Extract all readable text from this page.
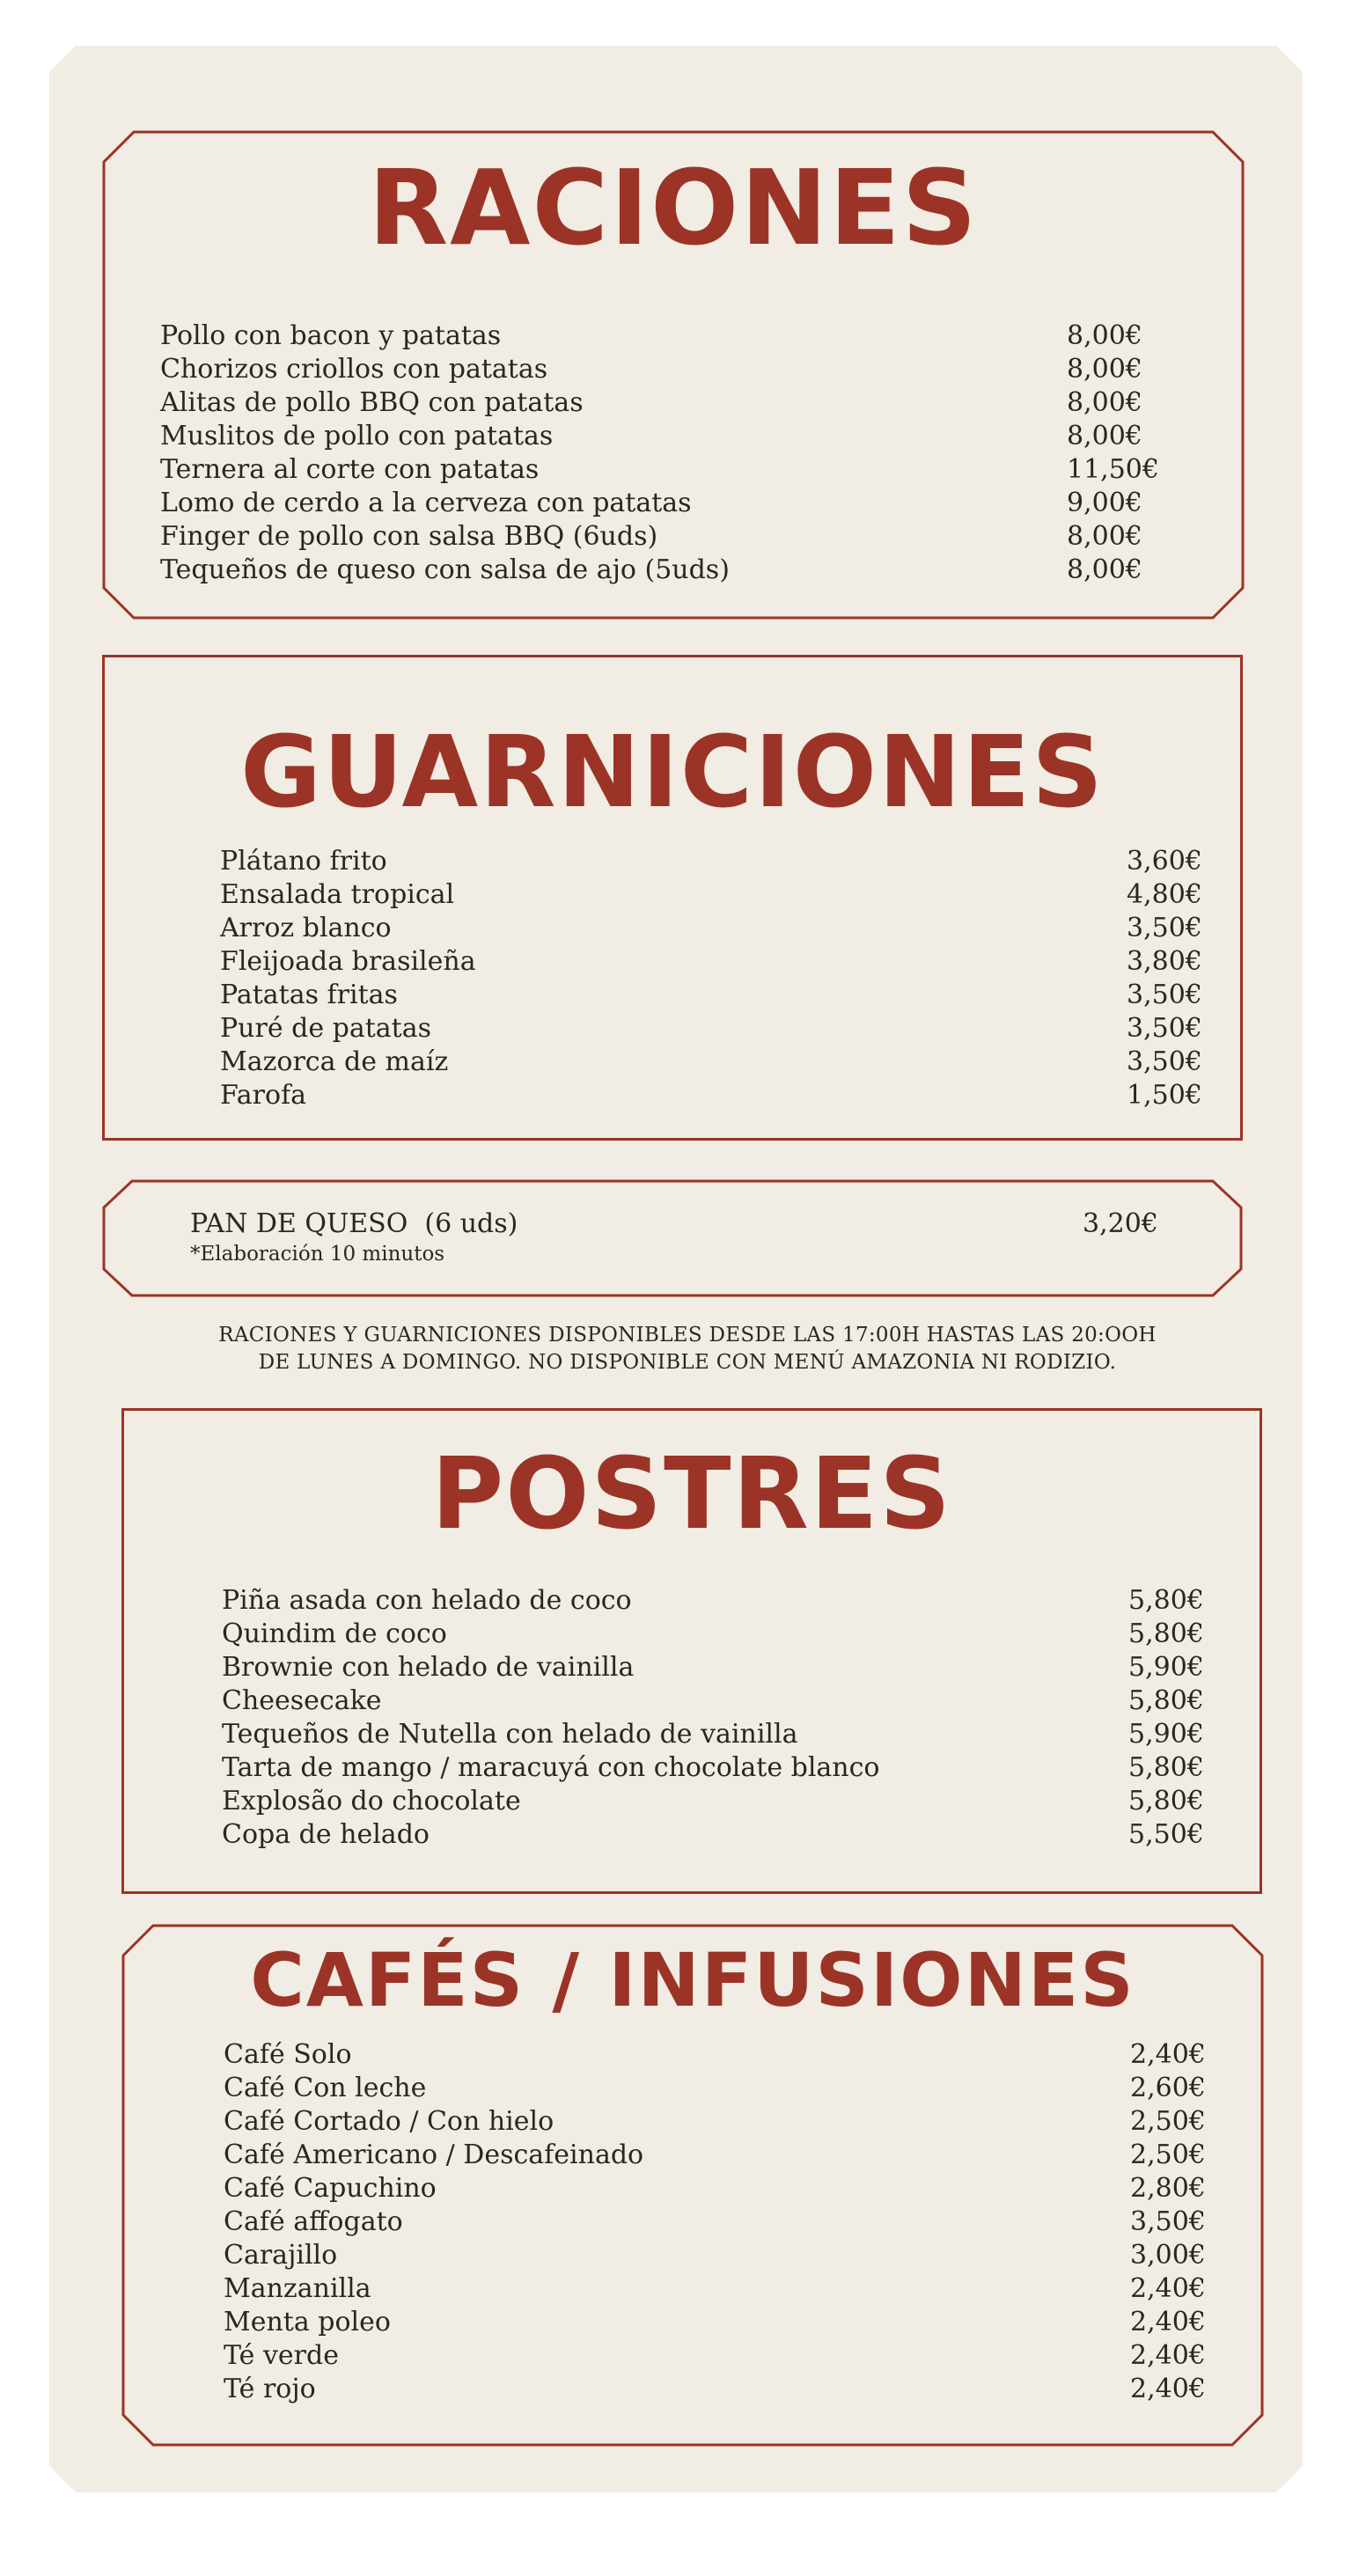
RACIONES
Pollo con bacon y patatas	8,00€
Chorizos criollos con patatas	8,00€
Alitas de pollo BBQ con patatas	8,00€
Muslitos de pollo con patatas	8,00€
Ternera al corte con patatas	11,50€
Lomo de cerdo a la cerveza con patatas	9,00€
Finger de pollo con salsa BBQ (6uds)	8,00€
Tequeños de queso con salsa de ajo (5uds)	8,00€
GUARNICIONES
Plátano frito	3,60€
Ensalada tropical	4,80€
Arroz blanco	3,50€
Fleijoada brasileña	3,80€
Patatas fritas	3,50€
Puré de patatas	3,50€
Mazorca de maíz	3,50€
Farofa	1,50€
PAN DE QUESO  (6 uds)	3,20€
*Elaboración 10 minutos
RACIONES Y GUARNICIONES DISPONIBLES DESDE LAS 17:00H HASTAS LAS 20:OOH
DE LUNES A DOMINGO. NO DISPONIBLE CON MENÚ AMAZONIA NI RODIZIO.
POSTRES
Piña asada con helado de coco	5,80€
Quindim de coco	5,80€
Brownie con helado de vainilla	5,90€
Cheesecake	5,80€
Tequeños de Nutella con helado de vainilla	5,90€
Tarta de mango / maracuyá con chocolate blanco	5,80€
Explosão do chocolate	5,80€
Copa de helado	5,50€
CAFÉS / INFUSIONES
Café Solo	2,40€
Café Con leche	2,60€
Café Cortado / Con hielo	2,50€
Café Americano / Descafeinado	2,50€
Café Capuchino	2,80€
Café affogato	3,50€
Carajillo	3,00€
Manzanilla	2,40€
Menta poleo	2,40€
Té verde	2,40€
Té rojo	2,40€
